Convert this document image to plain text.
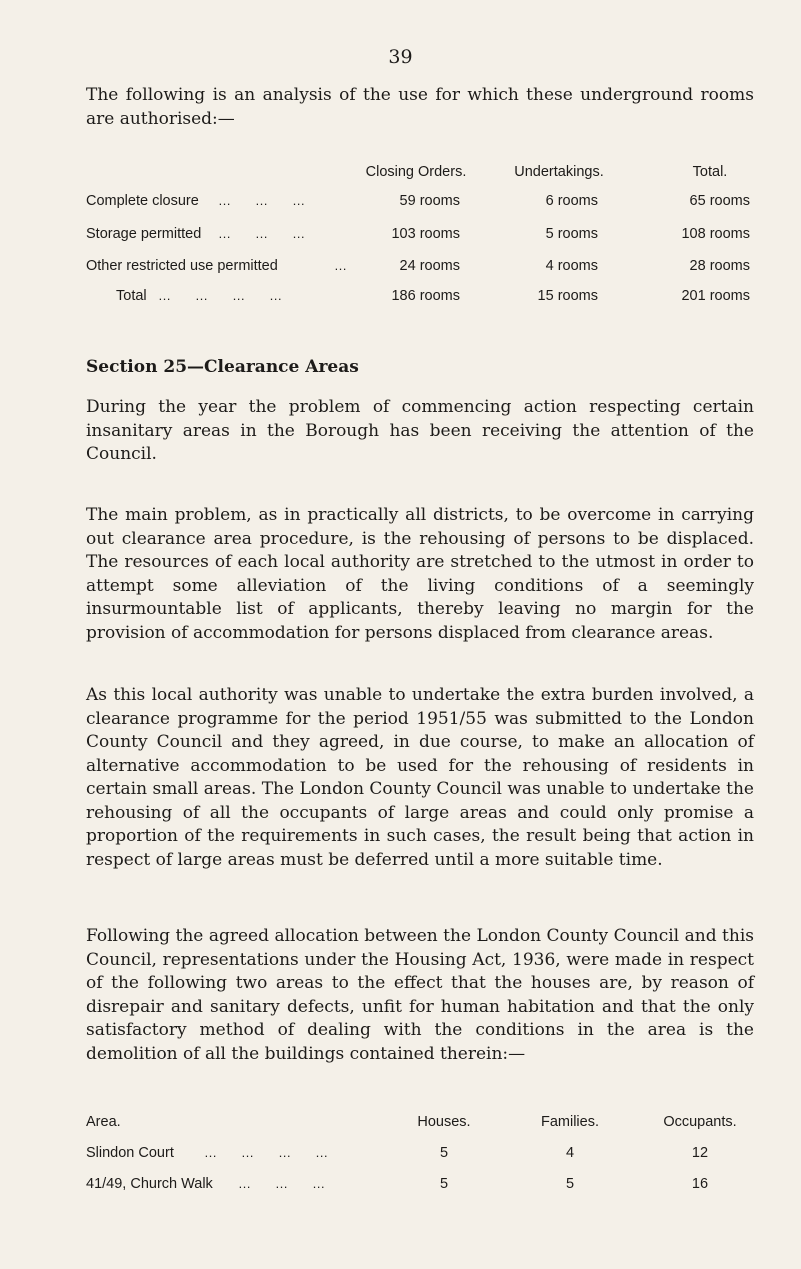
39
The following is an analysis of the use for which these underground rooms are authorised:—
Closing Orders.	Undertakings.	Total.
Complete closure …     …     …	59 rooms	6 rooms	65 rooms
Storage permitted …     …     …	103 rooms	5 rooms	108 rooms
Other restricted use permitted	…	24 rooms	4 rooms	28 rooms
Total …     …     …     …	186 rooms	15 rooms	201 rooms
Section 25—Clearance Areas
During the year the problem of commencing action respecting certain insanitary areas in the Borough has been receiving the attention of the Council.
The main problem, as in practically all districts, to be overcome in carrying out clearance area procedure, is the rehousing of persons to be displaced. The resources of each local authority are stretched to the utmost in order to attempt some alleviation of the living conditions of a seemingly insurmountable list of applicants, thereby leaving no margin for the provision of accommodation for persons displaced from clearance areas.
As this local authority was unable to undertake the extra burden involved, a clearance programme for the period 1951/55 was submitted to the London County Council and they agreed, in due course, to make an allocation of alternative accommodation to be used for the rehousing of residents in certain small areas. The London County Council was unable to undertake the rehousing of all the occupants of large areas and could only promise a proportion of the requirements in such cases, the result being that action in respect of large areas must be deferred until a more suitable time.
Following the agreed allocation between the London County Council and this Council, representations under the Housing Act, 1936, were made in respect of the following two areas to the effect that the houses are, by reason of disrepair and sanitary defects, unfit for human habitation and that the only satisfactory method of dealing with the conditions in the area is the demolition of all the buildings contained therein:—
Area.	Houses.	Families.	Occupants.
Slindon Court …     …     …     …	5	4	12
41/49, Church Walk …     …     …	5	5	16
